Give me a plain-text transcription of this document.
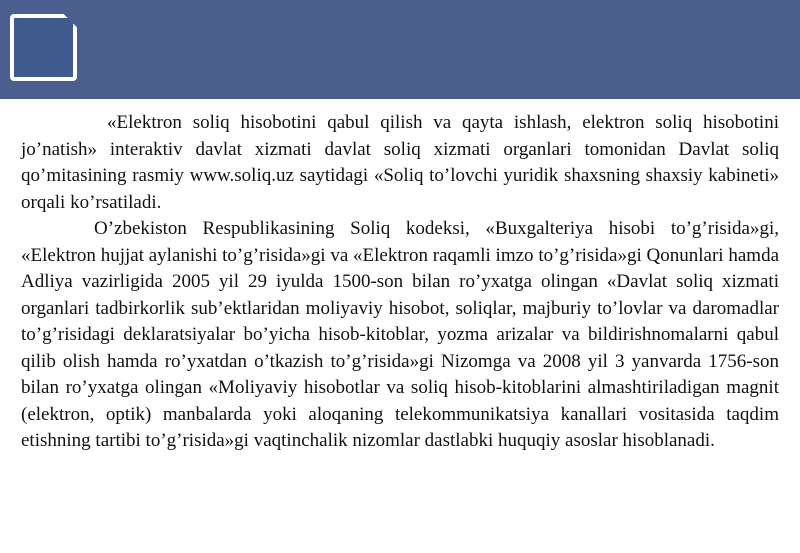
«Elektron soliq hisobotini qabul qilish va qayta ishlash, elektron soliq hisobotini jo’natish» interaktiv davlat xizmati davlat soliq xizmati organlari tomonidan Davlat soliq qo’mitasining rasmiy www.soliq.uz saytidagi «Soliq to’lovchi yuridik shaxsning shaxsiy kabineti» orqali ko’rsatiladi.

O’zbekiston Respublikasining Soliq kodeksi, «Buxgalteriya hisobi to’g’risida»gi, «Elektron hujjat aylanishi to’g’risida»gi va «Elektron raqamli imzo to’g’risida»gi Qonunlari hamda Adliya vazirligida 2005 yil 29 iyulda 1500-son bilan ro’yxatga olingan «Davlat soliq xizmati organlari tadbirkorlik sub’ektlaridan moliyaviy hisobot, soliqlar, majburiy to’lovlar va daromadlar to’g’risidagi deklaratsiyalar bo’yicha hisob-kitoblar, yozma arizalar va bildirishnomalarni qabul qilib olish hamda ro’yxatdan o’tkazish to’g’risida»gi Nizomga va 2008 yil 3 yanvarda 1756-son bilan ro’yxatga olingan «Moliyaviy hisobotlar va soliq hisob-kitoblarini almashtiriladigan magnit (elektron, optik) manbalarda yoki aloqaning telekommunikatsiya kanallari vositasida taqdim etishning tartibi to’g’risida»gi vaqtinchalik nizomlar dastlabki huquqiy asoslar hisoblanadi.
